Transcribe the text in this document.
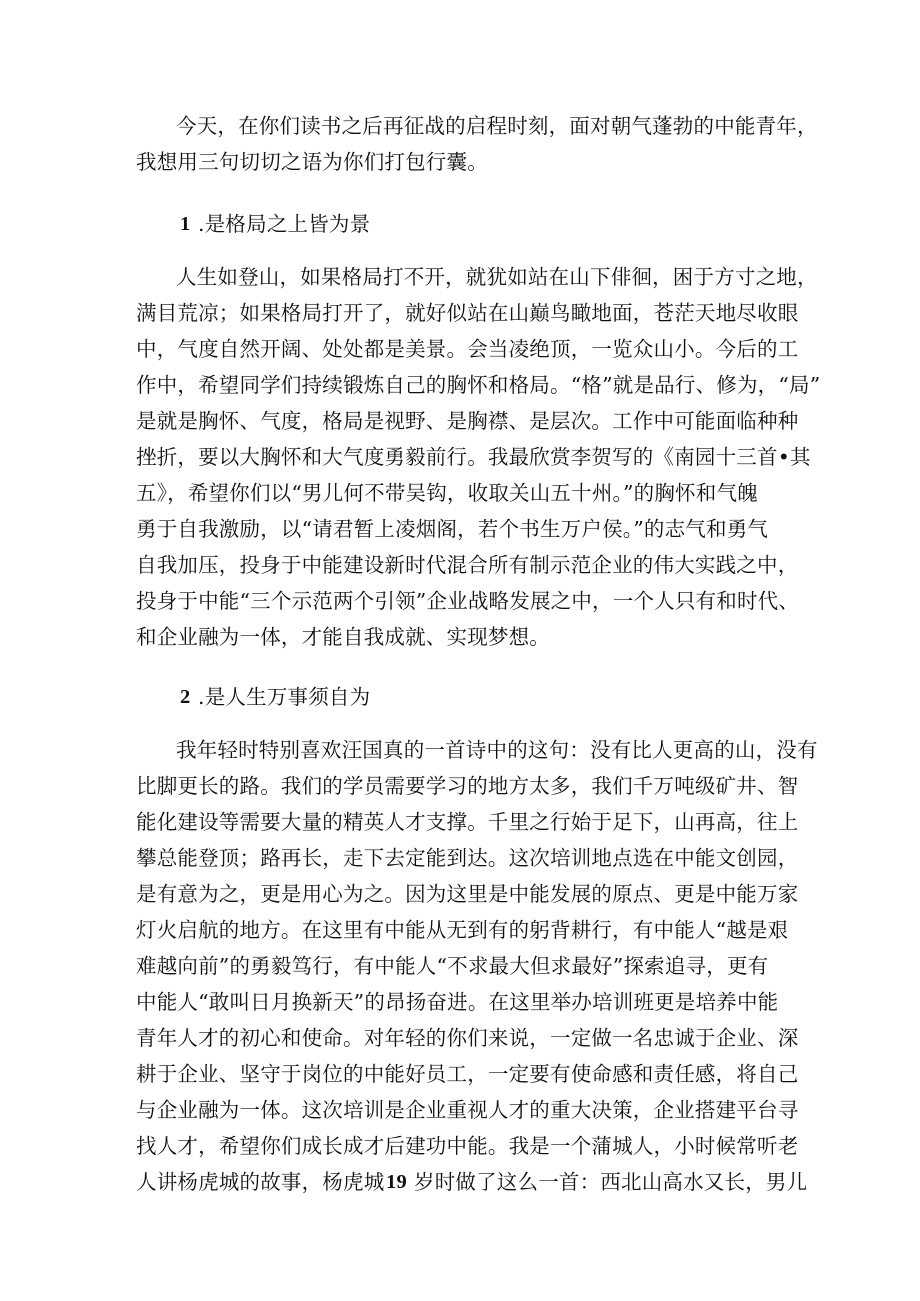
今天，在你们读书之后再征战的启程时刻，面对朝气蓬勃的中能青年，
我想用三句切切之语为你们打包行囊。
1 .是格局之上皆为景
人生如登山，如果格局打不开，就犹如站在山下俳徊，困于方寸之地，
满目荒凉；如果格局打开了，就好似站在山巅鸟瞰地面，苍茫天地尽收眼
中，气度自然开阔、处处都是美景。会当凌绝顶，一览众山小。今后的工
作中，希望同学们持续锻炼自己的胸怀和格局。“格”就是品行、修为，“局”
是就是胸怀、气度，格局是视野、是胸襟、是层次。工作中可能面临种种
挫折，要以大胸怀和大气度勇毅前行。我最欣赏李贺写的《南园十三首•其
五》，希望你们以“男儿何不带吴钩，收取关山五十州。”的胸怀和气魄
勇于自我激励，以“请君暂上凌烟阁，若个书生万户侯。”的志气和勇气
自我加压，投身于中能建设新时代混合所有制示范企业的伟大实践之中，
投身于中能“三个示范两个引领”企业战略发展之中，一个人只有和时代、
和企业融为一体，才能自我成就、实现梦想。
2 .是人生万事须自为
我年轻时特别喜欢汪国真的一首诗中的这句：没有比人更高的山，没有
比脚更长的路。我们的学员需要学习的地方太多，我们千万吨级矿井、智
能化建设等需要大量的精英人才支撑。千里之行始于足下，山再高，往上
攀总能登顶；路再长，走下去定能到达。这次培训地点选在中能文创园，
是有意为之，更是用心为之。因为这里是中能发展的原点、更是中能万家
灯火启航的地方。在这里有中能从无到有的躬背耕行，有中能人“越是艰
难越向前”的勇毅笃行，有中能人“不求最大但求最好”探索追寻，更有
中能人“敢叫日月换新天”的昂扬奋进。在这里举办培训班更是培养中能
青年人才的初心和使命。对年轻的你们来说，一定做一名忠诚于企业、深
耕于企业、坚守于岗位的中能好员工，一定要有使命感和责任感，将自己
与企业融为一体。这次培训是企业重视人才的重大决策，企业搭建平台寻
找人才，希望你们成长成才后建功中能。我是一个蒲城人，小时候常听老
人讲杨虎城的故事，杨虎城 19 岁时做了这么一首：西北山高水又长，男儿
